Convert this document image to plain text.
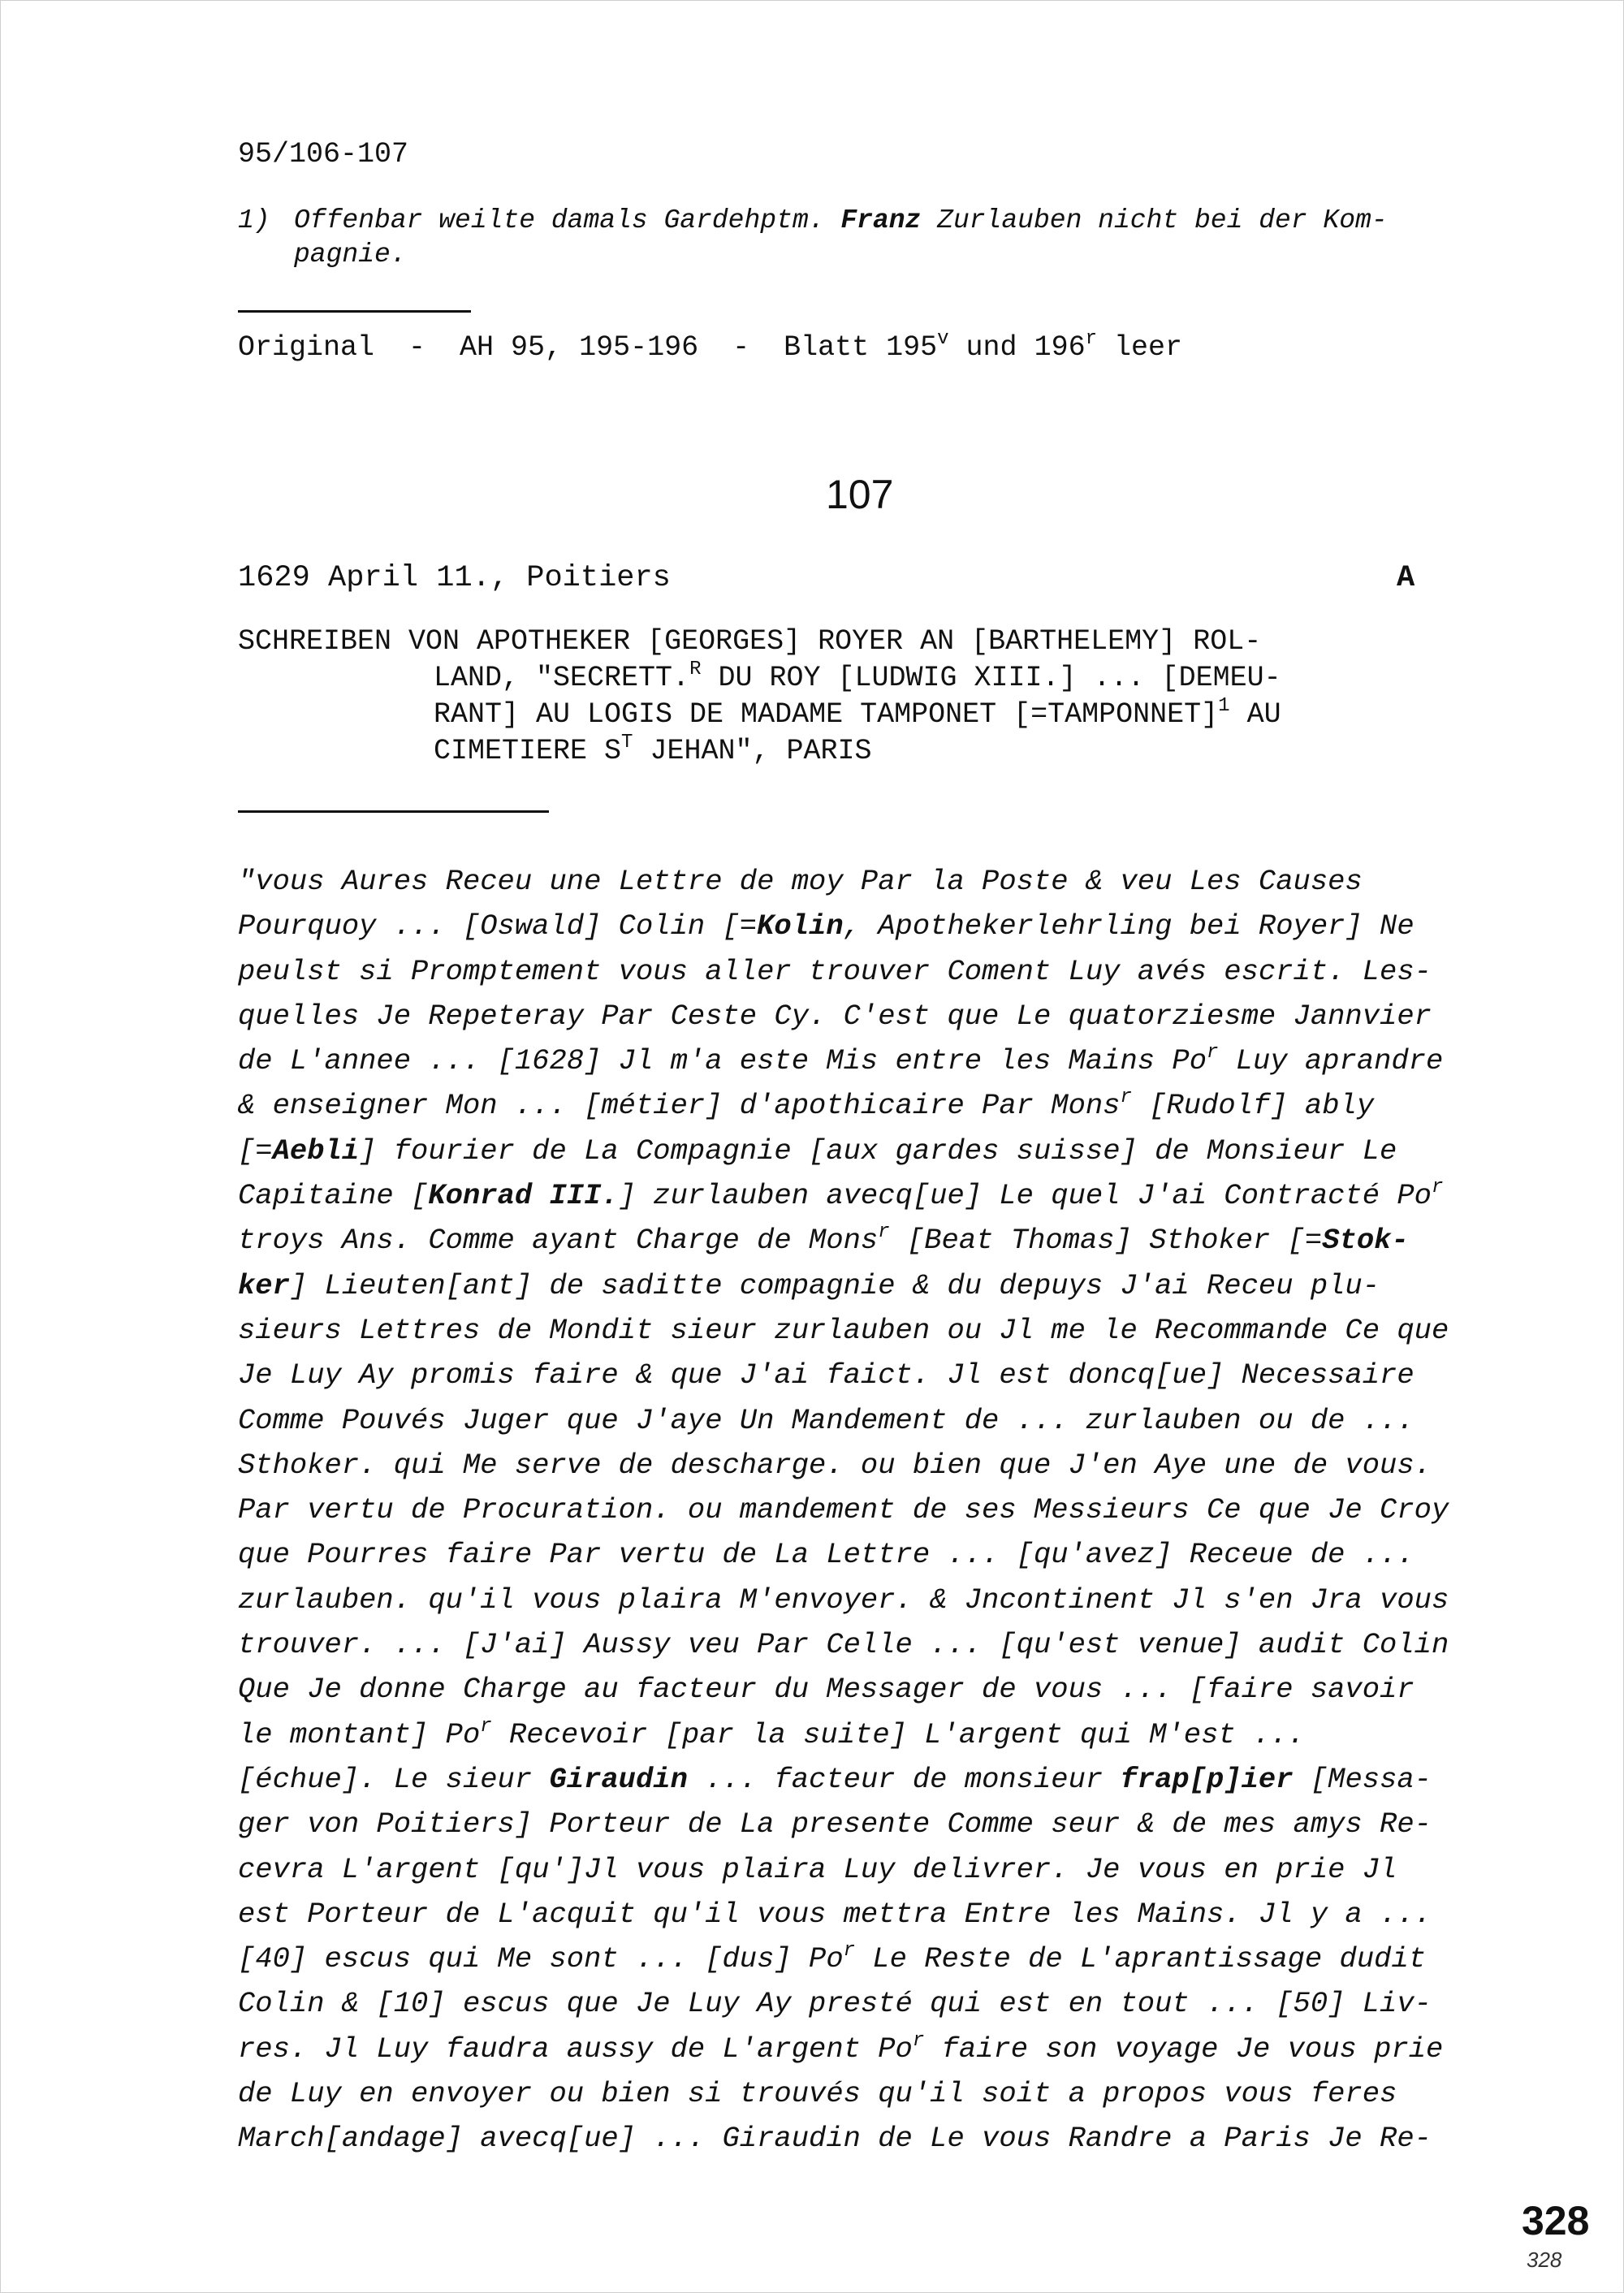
95/106-107
1) Offenbar weilte damals Gardehptm. Franz Zurlauben nicht bei der Kom-
pagnie.
Original  -  AH 95, 195-196  -  Blatt 195$^v$ und 196$^r$ leer
107
1629 April 11., Poitiers	A
SCHREIBEN VON APOTHEKER [GEORGES] ROYER AN [BARTHELEMY] ROL-
LAND, "SECRETT.$^R$ DU ROY [LUDWIG XIII.] ... [DEMEU-
RANT] AU LOGIS DE MADAME TAMPONET [=TAMPONNET]$^1$ AU
CIMETIERE $S^T$ JEHAN", PARIS
"vous Aures Receu une Lettre de moy Par la Poste & veu Les Causes
Pourquoy ... [Oswald] Colin [=Kolin, Apothekerlehrling bei Royer] Ne
peulst si Promptement vous aller trouver Coment Luy avés escrit. Les-
quelles Je Repeteray Par Ceste Cy. C'est que Le quatorziesme Jannvier
de L'annee ... [1628] Jl m'a este Mis entre les Mains Po$^r$ Luy aprandre
& enseigner Mon ... [métier] d'apothicaire Par Mons$^r$ [Rudolf] ably
[=Aebli] fourier de La Compagnie [aux gardes suisse] de Monsieur Le
Capitaine [Konrad III.] zurlauben avecq[ue] Le quel J'ai Contracté Po$^r$
troys Ans. Comme ayant Charge de Mons$^r$ [Beat Thomas] Sthoker [=Stok-
ker] Lieuten[ant] de saditte compagnie & du depuys J'ai Receu plu-
sieurs Lettres de Mondit sieur zurlauben ou Jl me le Recommande Ce que
Je Luy Ay promis faire & que J'ai faict. Jl est doncq[ue] Necessaire
Comme Pouvés Juger que J'aye Un Mandement de ... zurlauben ou de ...
Sthoker. qui Me serve de descharge. ou bien que J'en Aye une de vous.
Par vertu de Procuration. ou mandement de ses Messieurs Ce que Je Croy
que Pourres faire Par vertu de La Lettre ... [qu'avez] Receue de ...
zurlauben. qu'il vous plaira M'envoyer. & Jncontinent Jl s'en Jra vous
trouver. ... [J'ai] Aussy veu Par Celle ... [qu'est venue] audit Colin
Que Je donne Charge au facteur du Messager de vous ... [faire savoir
le montant] Po$^r$ Recevoir [par la suite] L'argent qui M'est ...
[échue]. Le sieur Giraudin ... facteur de monsieur frap[p]ier [Messa-
ger von Poitiers] Porteur de La presente Comme seur & de mes amys Re-
cevra L'argent [qu']Jl vous plaira Luy delivrer. Je vous en prie Jl
est Porteur de L'acquit qu'il vous mettra Entre les Mains. Jl y a ...
[40] escus qui Me sont ... [dus] Po$^r$ Le Reste de L'aprantissage dudit
Colin & [10] escus que Je Luy Ay presté qui est en tout ... [50] Liv-
res. Jl Luy faudra aussy de L'argent Po$^r$ faire son voyage Je vous prie
de Luy en envoyer ou bien si trouvés qu'il soit a propos vous feres
March[andage] avecq[ue] ... Giraudin de Le vous Randre a Paris Je Re-
328
328
